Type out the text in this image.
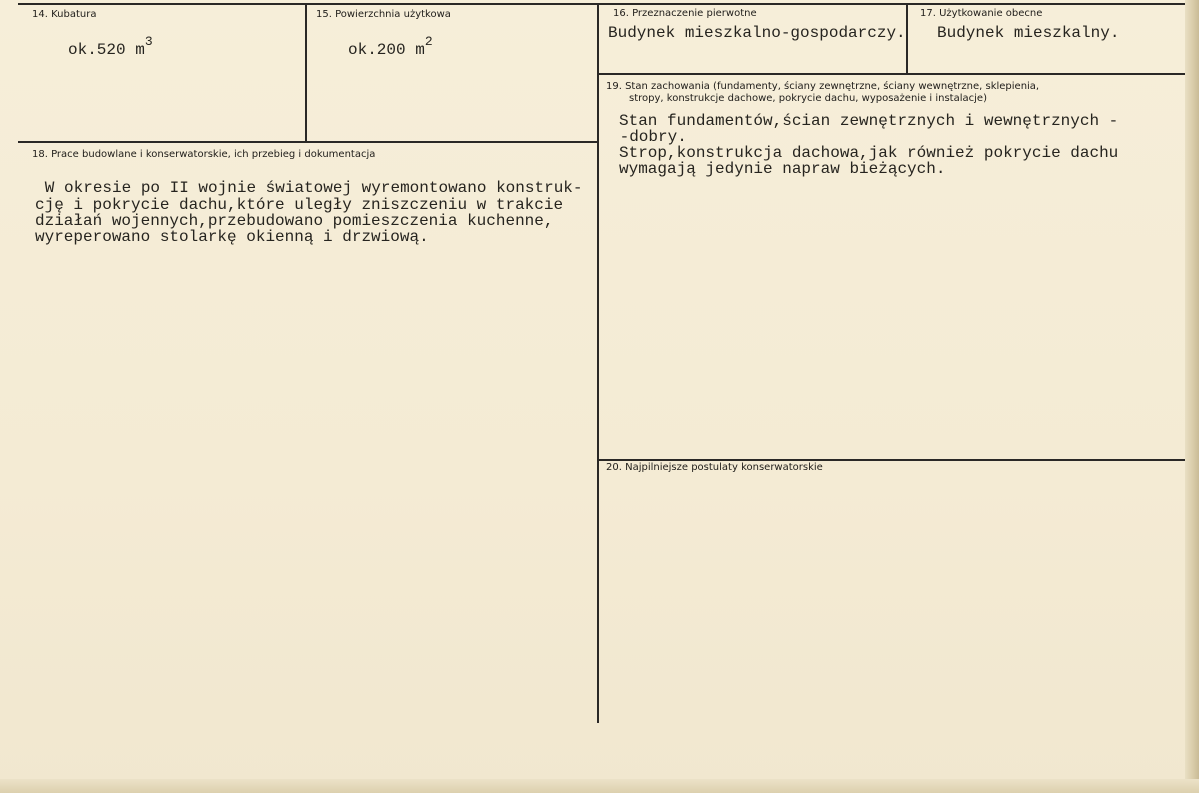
14. Kubatura
ok.520 $m^3$
15. Powierzchnia użytkowa
ok.200 $m^2$
16. Przeznaczenie pierwotne
Budynek mieszkalno-gospodarczy.
17. Użytkowanie obecne
Budynek mieszkalny.
18. Prace budowlane i konserwatorskie, ich przebieg i dokumentacja
W okresie po II wojnie światowej wyremontowano konstruk-
cję i pokrycie dachu,które uległy zniszczeniu w trakcie
działań wojennych,przebudowano pomieszczenia kuchenne,
wyreperowano stolarkę okienną i drzwiową.
19. Stan zachowania (fundamenty, ściany zewnętrzne, ściany wewnętrzne, sklepienia,
stropy, konstrukcje dachowe, pokrycie dachu, wyposażenie i instalacje)
Stan fundamentów,ścian zewnętrznych i wewnętrznych -
-dobry.
Strop,konstrukcja dachowa,jak również pokrycie dachu
wymagają jedynie napraw bieżących.
20. Najpilniejsze postulaty konserwatorskie
